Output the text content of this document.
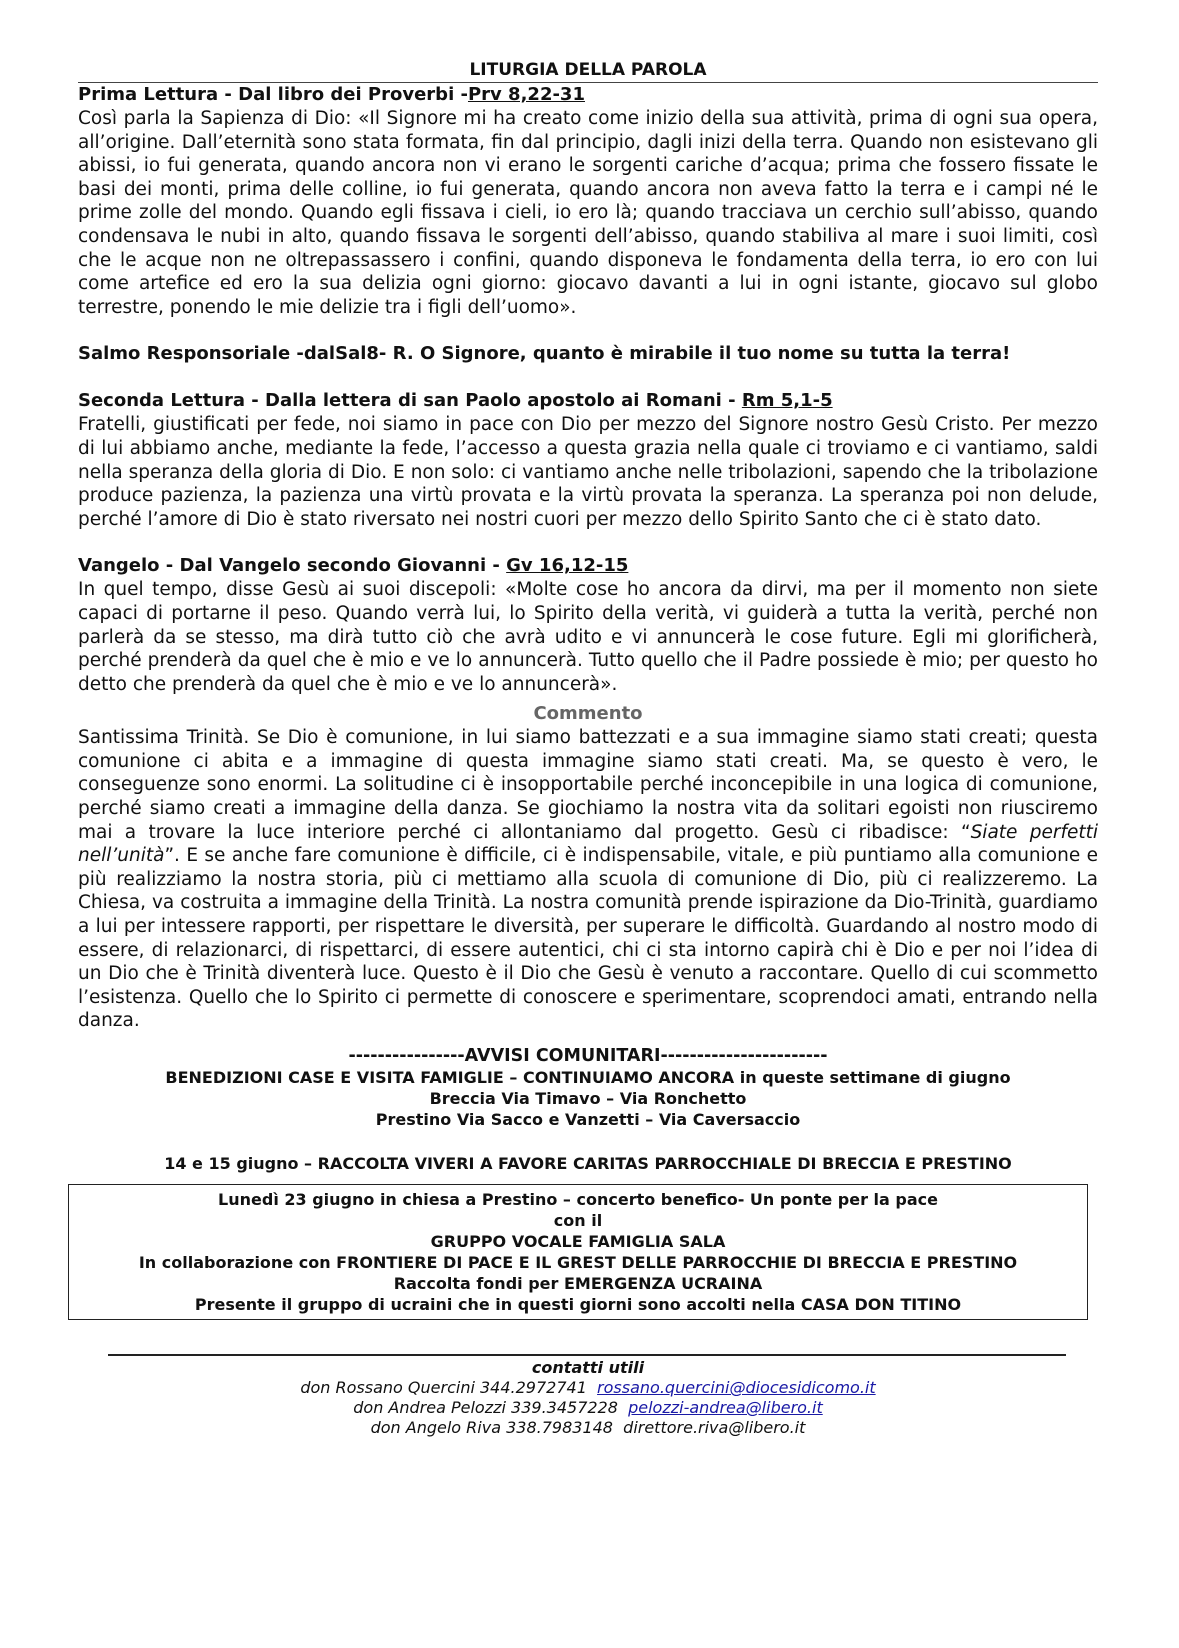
LITURGIA DELLA PAROLA

Prima Lettura - Dal libro dei Proverbi -Prv 8,22-31

Così parla la Sapienza di Dio: «Il Signore mi ha creato come inizio della sua attività, prima di ogni sua opera, all’origine. Dall’eternità sono stata formata, fin dal principio, dagli inizi della terra. Quando non esistevano gli abissi, io fui generata, quando ancora non vi erano le sorgenti cariche d’acqua; prima che fossero fissate le basi dei monti, prima delle colline, io fui generata, quando ancora non aveva fatto la terra e i campi né le prime zolle del mondo. Quando egli fissava i cieli, io ero là; quando tracciava un cerchio sull’abisso, quando condensava le nubi in alto, quando fissava le sorgenti dell’abisso, quando stabiliva al mare i suoi limiti, così che le acque non ne oltrepassassero i confini, quando disponeva le fondamenta della terra, io ero con lui come artefice ed ero la sua delizia ogni giorno: giocavo davanti a lui in ogni istante, giocavo sul globo terrestre, ponendo le mie delizie tra i figli dell’uomo».

Salmo Responsoriale -dalSal8- R. O Signore, quanto è mirabile il tuo nome su tutta la terra!

Seconda Lettura - Dalla lettera di san Paolo apostolo ai Romani - Rm 5,1-5

Fratelli, giustificati per fede, noi siamo in pace con Dio per mezzo del Signore nostro Gesù Cristo. Per mezzo di lui abbiamo anche, mediante la fede, l’accesso a questa grazia nella quale ci troviamo e ci vantiamo, saldi nella speranza della gloria di Dio. E non solo: ci vantiamo anche nelle tribolazioni, sapendo che la tribolazione produce pazienza, la pazienza una virtù provata e la virtù provata la speranza. La speranza poi non delude, perché l’amore di Dio è stato riversato nei nostri cuori per mezzo dello Spirito Santo che ci è stato dato.

Vangelo - Dal Vangelo secondo Giovanni - Gv 16,12-15

In quel tempo, disse Gesù ai suoi discepoli: «Molte cose ho ancora da dirvi, ma per il momento non siete capaci di portarne il peso. Quando verrà lui, lo Spirito della verità, vi guiderà a tutta la verità, perché non parlerà da se stesso, ma dirà tutto ciò che avrà udito e vi annuncerà le cose future. Egli mi glorificherà, perché prenderà da quel che è mio e ve lo annuncerà. Tutto quello che il Padre possiede è mio; per questo ho detto che prenderà da quel che è mio e ve lo annuncerà».

Commento

Santissima Trinità. Se Dio è comunione, in lui siamo battezzati e a sua immagine siamo stati creati; questa comunione ci abita e a immagine di questa immagine siamo stati creati. Ma, se questo è vero, le conseguenze sono enormi. La solitudine ci è insopportabile perché inconcepibile in una logica di comunione, perché siamo creati a immagine della danza. Se giochiamo la nostra vita da solitari egoisti non riusciremo mai a trovare la luce interiore perché ci allontaniamo dal progetto. Gesù ci ribadisce: “Siate perfetti nell’unità”. E se anche fare comunione è difficile, ci è indispensabile, vitale, e più puntiamo alla comunione e più realizziamo la nostra storia, più ci mettiamo alla scuola di comunione di Dio, più ci realizzeremo. La Chiesa, va costruita a immagine della Trinità. La nostra comunità prende ispirazione da Dio-Trinità, guardiamo a lui per intessere rapporti, per rispettare le diversità, per superare le difficoltà. Guardando al nostro modo di essere, di relazionarci, di rispettarci, di essere autentici, chi ci sta intorno capirà chi è Dio e per noi l’idea di un Dio che è Trinità diventerà luce. Questo è il Dio che Gesù è venuto a raccontare. Quello di cui scommetto l’esistenza. Quello che lo Spirito ci permette di conoscere e sperimentare, scoprendoci amati, entrando nella danza.

----------------AVVISI COMUNITARI-----------------------
BENEDIZIONI CASE E VISITA FAMIGLIE – CONTINUIAMO ANCORA in queste settimane di giugno
Breccia Via Timavo – Via Ronchetto
Prestino Via Sacco e Vanzetti – Via Caversaccio
14 e 15 giugno – RACCOLTA VIVERI A FAVORE CARITAS PARROCCHIALE DI BRECCIA E PRESTINO
Lunedì 23 giugno in chiesa a Prestino – concerto benefico- Un ponte per la pace
con il
GRUPPO VOCALE FAMIGLIA SALA
In collaborazione con FRONTIERE DI PACE E IL GREST DELLE PARROCCHIE DI BRECCIA E PRESTINO
Raccolta fondi per EMERGENZA UCRAINA
Presente il gruppo di ucraini che in questi giorni sono accolti nella CASA DON TITINO
contatti utili
don Rossano Quercini 344.2972741 rossano.quercini@diocesidicomo.it
don Andrea Pelozzi 339.3457228 pelozzi-andrea@libero.it
don Angelo Riva 338.7983148 direttore.riva@libero.it
